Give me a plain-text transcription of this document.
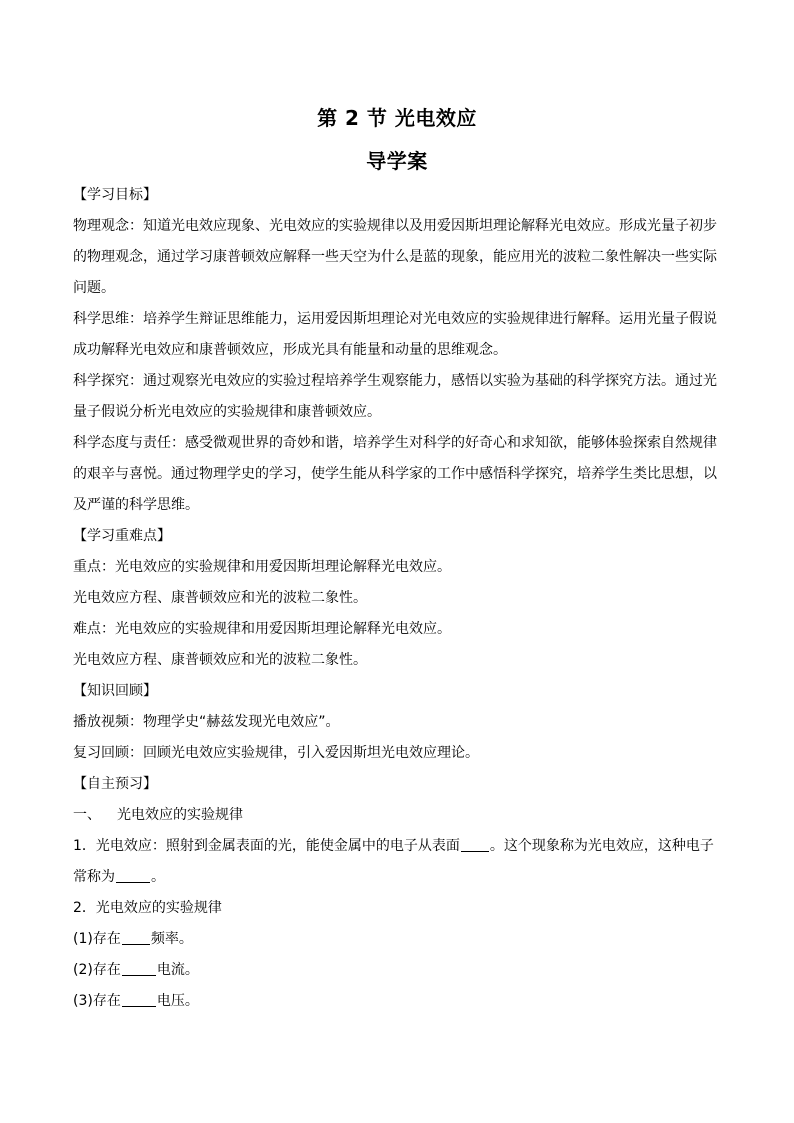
第 2 节 光电效应
导学案

【学习目标】

物理观念：知道光电效应现象、光电效应的实验规律以及用爱因斯坦理论解释光电效应。形成光量子初步的物理观念，通过学习康普顿效应解释一些天空为什么是蓝的现象，能应用光的波粒二象性解决一些实际问题。

科学思维：培养学生辩证思维能力，运用爱因斯坦理论对光电效应的实验规律进行解释。运用光量子假说成功解释光电效应和康普顿效应，形成光具有能量和动量的思维观念。

科学探究：通过观察光电效应的实验过程培养学生观察能力，感悟以实验为基础的科学探究方法。通过光量子假说分析光电效应的实验规律和康普顿效应。

科学态度与责任：感受微观世界的奇妙和谐，培养学生对科学的好奇心和求知欲，能够体验探索自然规律的艰辛与喜悦。通过物理学史的学习，使学生能从科学家的工作中感悟科学探究，培养学生类比思想，以及严谨的科学思维。

【学习重难点】

重点：光电效应的实验规律和用爱因斯坦理论解释光电效应。

光电效应方程、康普顿效应和光的波粒二象性。

难点：光电效应的实验规律和用爱因斯坦理论解释光电效应。

光电效应方程、康普顿效应和光的波粒二象性。

【知识回顾】

播放视频：物理学史“赫兹发现光电效应”。

复习回顾：回顾光电效应实验规律，引入爱因斯坦光电效应理论。

【自主预习】

一、 光电效应的实验规律

1．光电效应：照射到金属表面的光，能使金属中的电子从表面 。这个现象称为光电效应，这种电子常称为	。

2．光电效应的实验规律

(1)存在 频率。

(2)存在	电流。

(3)存在	电压。
